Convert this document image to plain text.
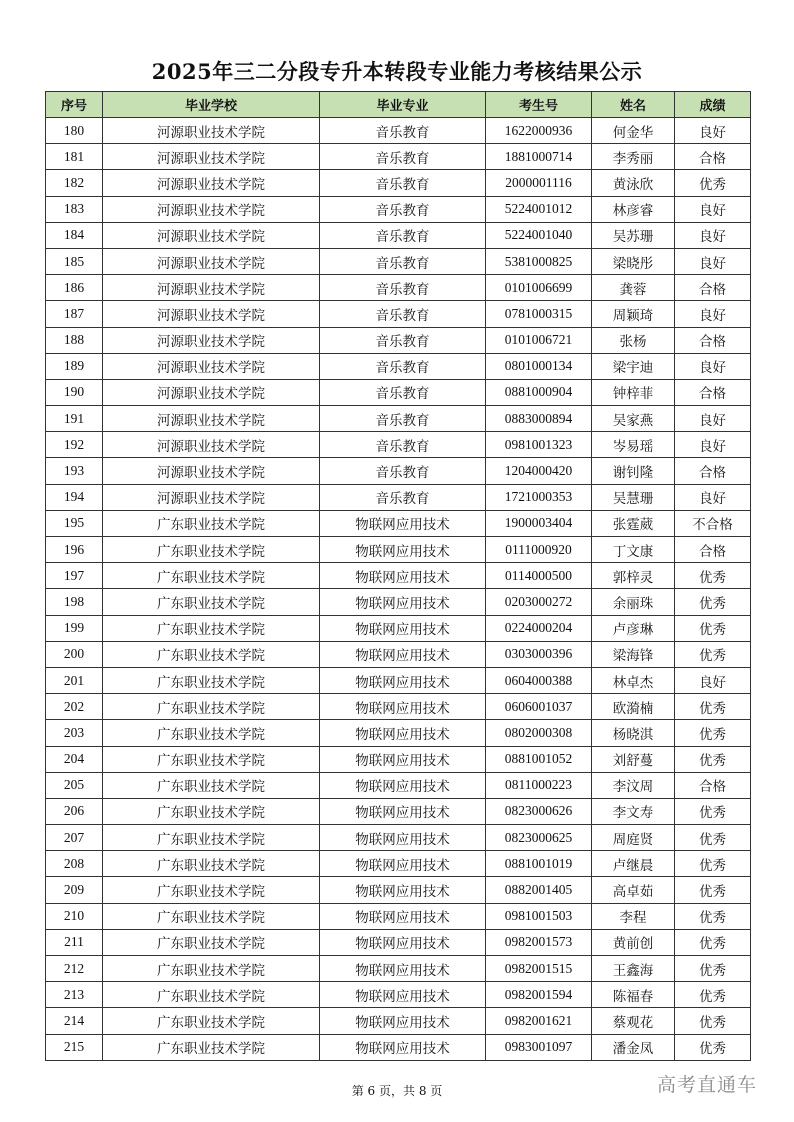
2025年三二分段专升本转段专业能力考核结果公示
序号	毕业学校	毕业专业	考生号	姓名	成绩
180	河源职业技术学院	音乐教育	1622000936	何金华	良好
181	河源职业技术学院	音乐教育	1881000714	李秀丽	合格
182	河源职业技术学院	音乐教育	2000001116	黄泳欣	优秀
183	河源职业技术学院	音乐教育	5224001012	林彦睿	良好
184	河源职业技术学院	音乐教育	5224001040	吴苏珊	良好
185	河源职业技术学院	音乐教育	5381000825	梁晓彤	良好
186	河源职业技术学院	音乐教育	0101006699	龚蓉	合格
187	河源职业技术学院	音乐教育	0781000315	周颖琦	良好
188	河源职业技术学院	音乐教育	0101006721	张杨	合格
189	河源职业技术学院	音乐教育	0801000134	梁宇迪	良好
190	河源职业技术学院	音乐教育	0881000904	钟梓菲	合格
191	河源职业技术学院	音乐教育	0883000894	吴家燕	良好
192	河源职业技术学院	音乐教育	0981001323	岑易瑶	良好
193	河源职业技术学院	音乐教育	1204000420	谢钊隆	合格
194	河源职业技术学院	音乐教育	1721000353	吴慧珊	良好
195	广东职业技术学院	物联网应用技术	1900003404	张霆葳	不合格
196	广东职业技术学院	物联网应用技术	0111000920	丁文康	合格
197	广东职业技术学院	物联网应用技术	0114000500	郭梓灵	优秀
198	广东职业技术学院	物联网应用技术	0203000272	余丽珠	优秀
199	广东职业技术学院	物联网应用技术	0224000204	卢彦琳	优秀
200	广东职业技术学院	物联网应用技术	0303000396	梁海锋	优秀
201	广东职业技术学院	物联网应用技术	0604000388	林卓杰	良好
202	广东职业技术学院	物联网应用技术	0606001037	欧漪楠	优秀
203	广东职业技术学院	物联网应用技术	0802000308	杨晓淇	优秀
204	广东职业技术学院	物联网应用技术	0881001052	刘舒蔓	优秀
205	广东职业技术学院	物联网应用技术	0811000223	李汶周	合格
206	广东职业技术学院	物联网应用技术	0823000626	李文寿	优秀
207	广东职业技术学院	物联网应用技术	0823000625	周庭贤	优秀
208	广东职业技术学院	物联网应用技术	0881001019	卢继晨	优秀
209	广东职业技术学院	物联网应用技术	0882001405	高卓茹	优秀
210	广东职业技术学院	物联网应用技术	0981001503	李程	优秀
211	广东职业技术学院	物联网应用技术	0982001573	黄前创	优秀
212	广东职业技术学院	物联网应用技术	0982001515	王鑫海	优秀
213	广东职业技术学院	物联网应用技术	0982001594	陈福春	优秀
214	广东职业技术学院	物联网应用技术	0982001621	蔡观花	优秀
215	广东职业技术学院	物联网应用技术	0983001097	潘金凤	优秀
第 6 页，共 8 页	高考直通车
